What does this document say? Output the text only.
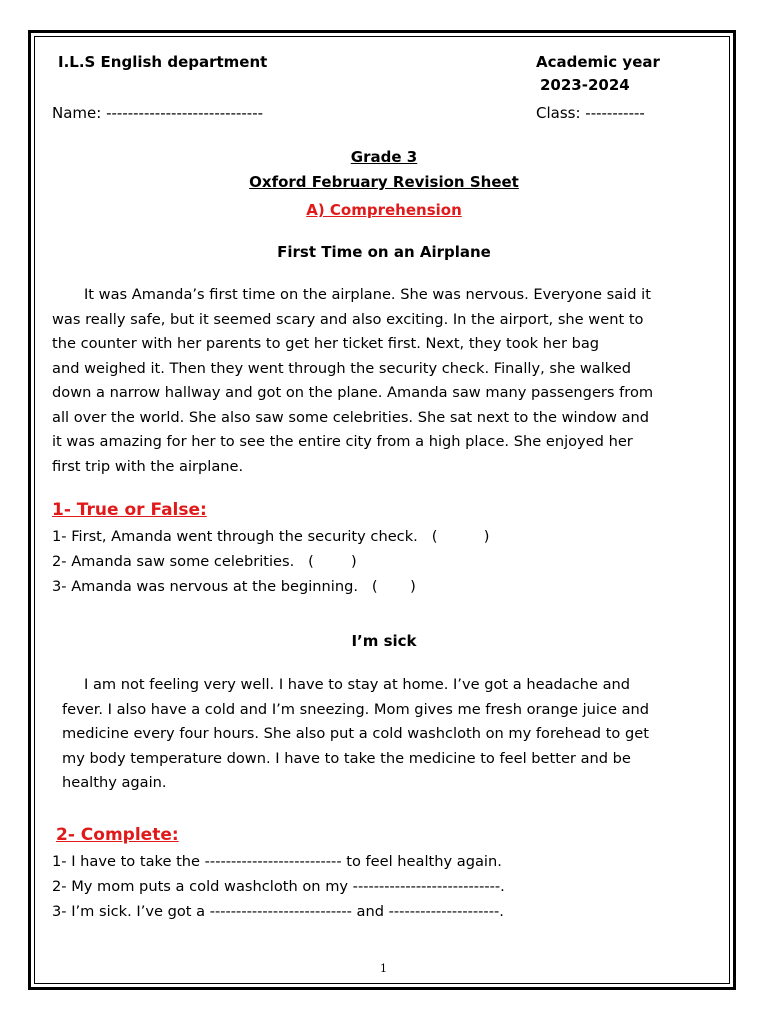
I.L.S English department	Academic year
2023-2024
Name: -----------------------------	Class: -----------
Grade 3
Oxford February Revision Sheet
A) Comprehension
First Time on an Airplane
It was Amanda’s first time on the airplane. She was nervous. Everyone said it
was really safe, but it seemed scary and also exciting. In the airport, she went to
the counter with her parents to get her ticket first. Next, they took her bag
and weighed it. Then they went through the security check. Finally, she walked
down a narrow hallway and got on the plane. Amanda saw many passengers from
all over the world. She also saw some celebrities. She sat next to the window and
it was amazing for her to see the entire city from a high place. She enjoyed her
first trip with the airplane.
1- True or False:
1- First, Amanda went through the security check.   (          )
2- Amanda saw some celebrities.   (        )
3- Amanda was nervous at the beginning.   (       )
I’m sick
I am not feeling very well. I have to stay at home. I’ve got a headache and
fever. I also have a cold and I’m sneezing. Mom gives me fresh orange juice and
medicine every four hours. She also put a cold washcloth on my forehead to get
my body temperature down. I have to take the medicine to feel better and be
healthy again.
2- Complete:
1- I have to take the -------------------------- to feel healthy again.
2- My mom puts a cold washcloth on my ----------------------------.
3- I’m sick. I’ve got a --------------------------- and ---------------------.
1
